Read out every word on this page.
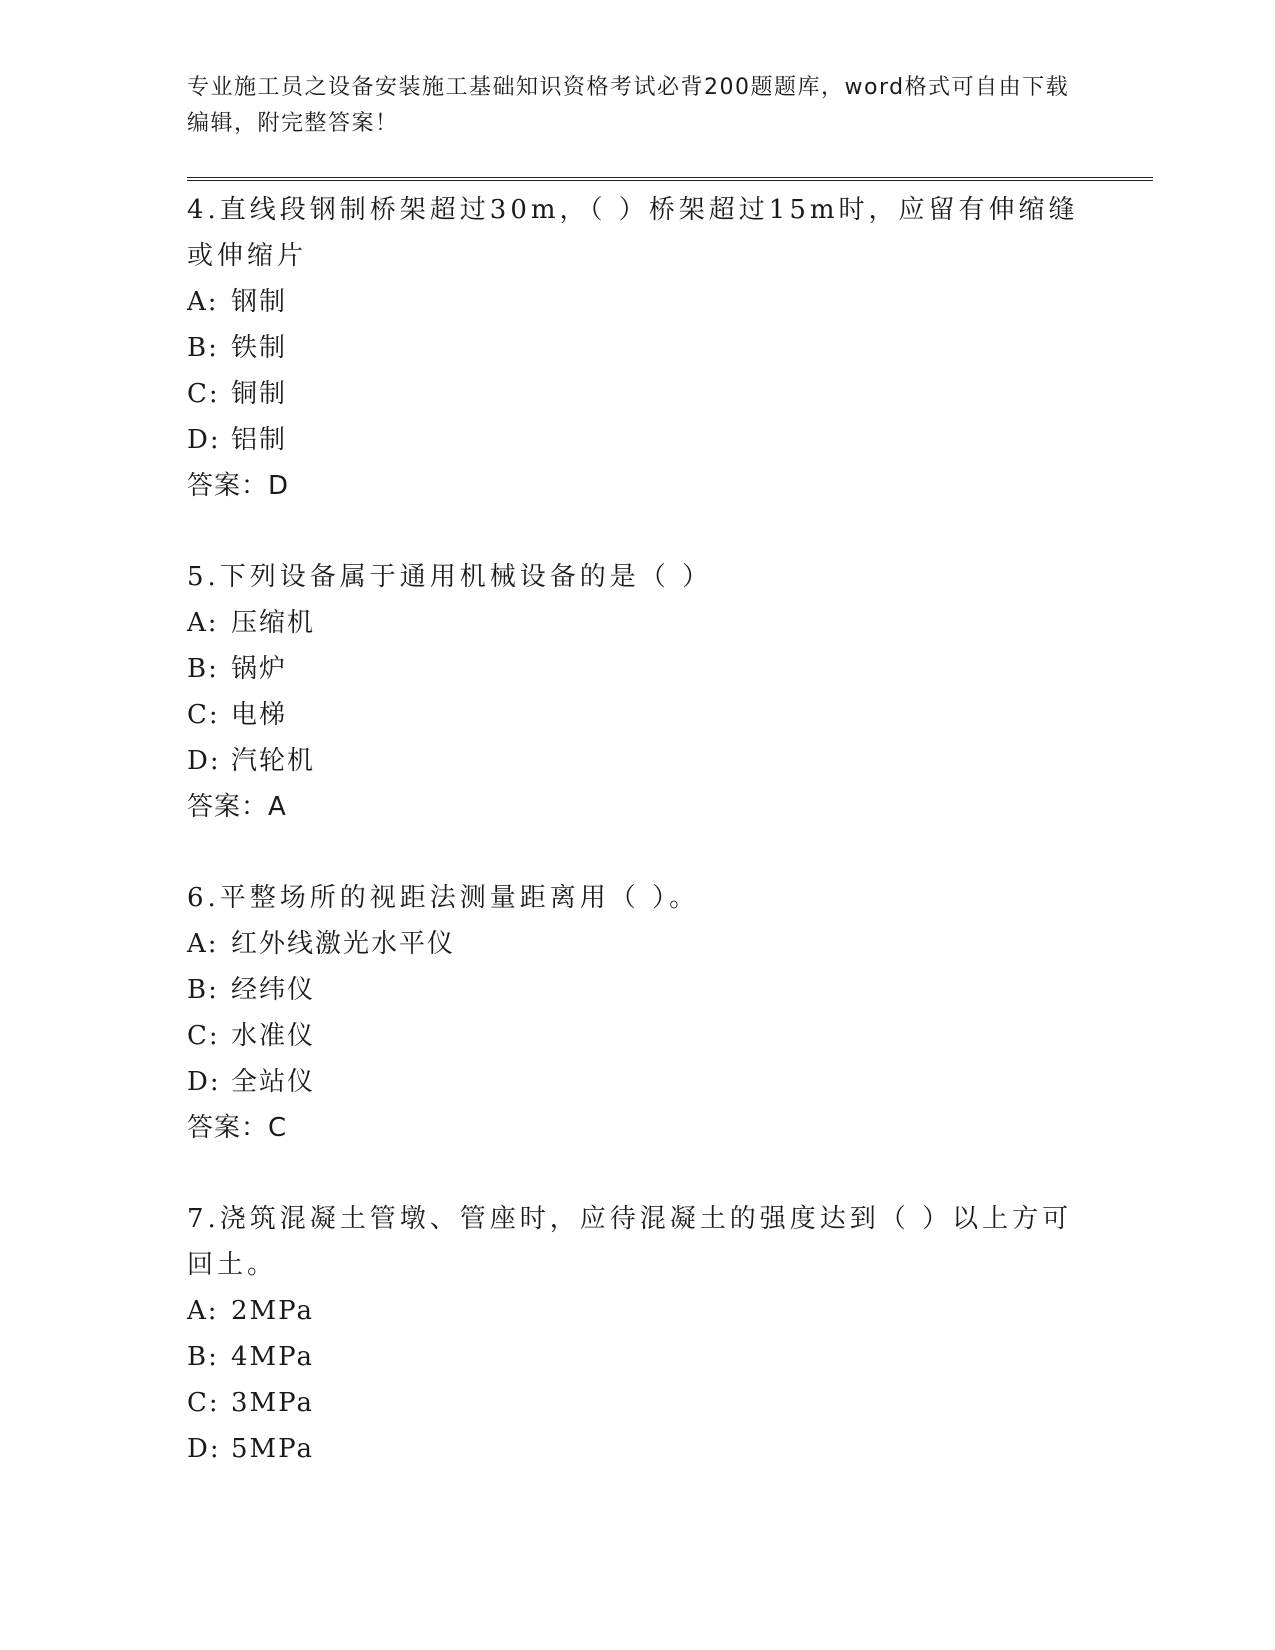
专业施工员之设备安装施工基础知识资格考试必背200题题库，word格式可自由下载编辑，附完整答案！
4.直线段钢制桥架超过30m，（ ）桥架超过15m时，应留有伸缩缝或伸缩片
A: 钢制
B: 铁制
C: 铜制
D: 铝制
答案：D
5.下列设备属于通用机械设备的是（ ）
A: 压缩机
B: 锅炉
C: 电梯
D: 汽轮机
答案：A
6.平整场所的视距法测量距离用（ ）。
A: 红外线激光水平仪
B: 经纬仪
C: 水准仪
D: 全站仪
答案：C
7.浇筑混凝土管墩、管座时，应待混凝土的强度达到（ ）以上方可回土。
A: 2MPa
B: 4MPa
C: 3MPa
D: 5MPa
